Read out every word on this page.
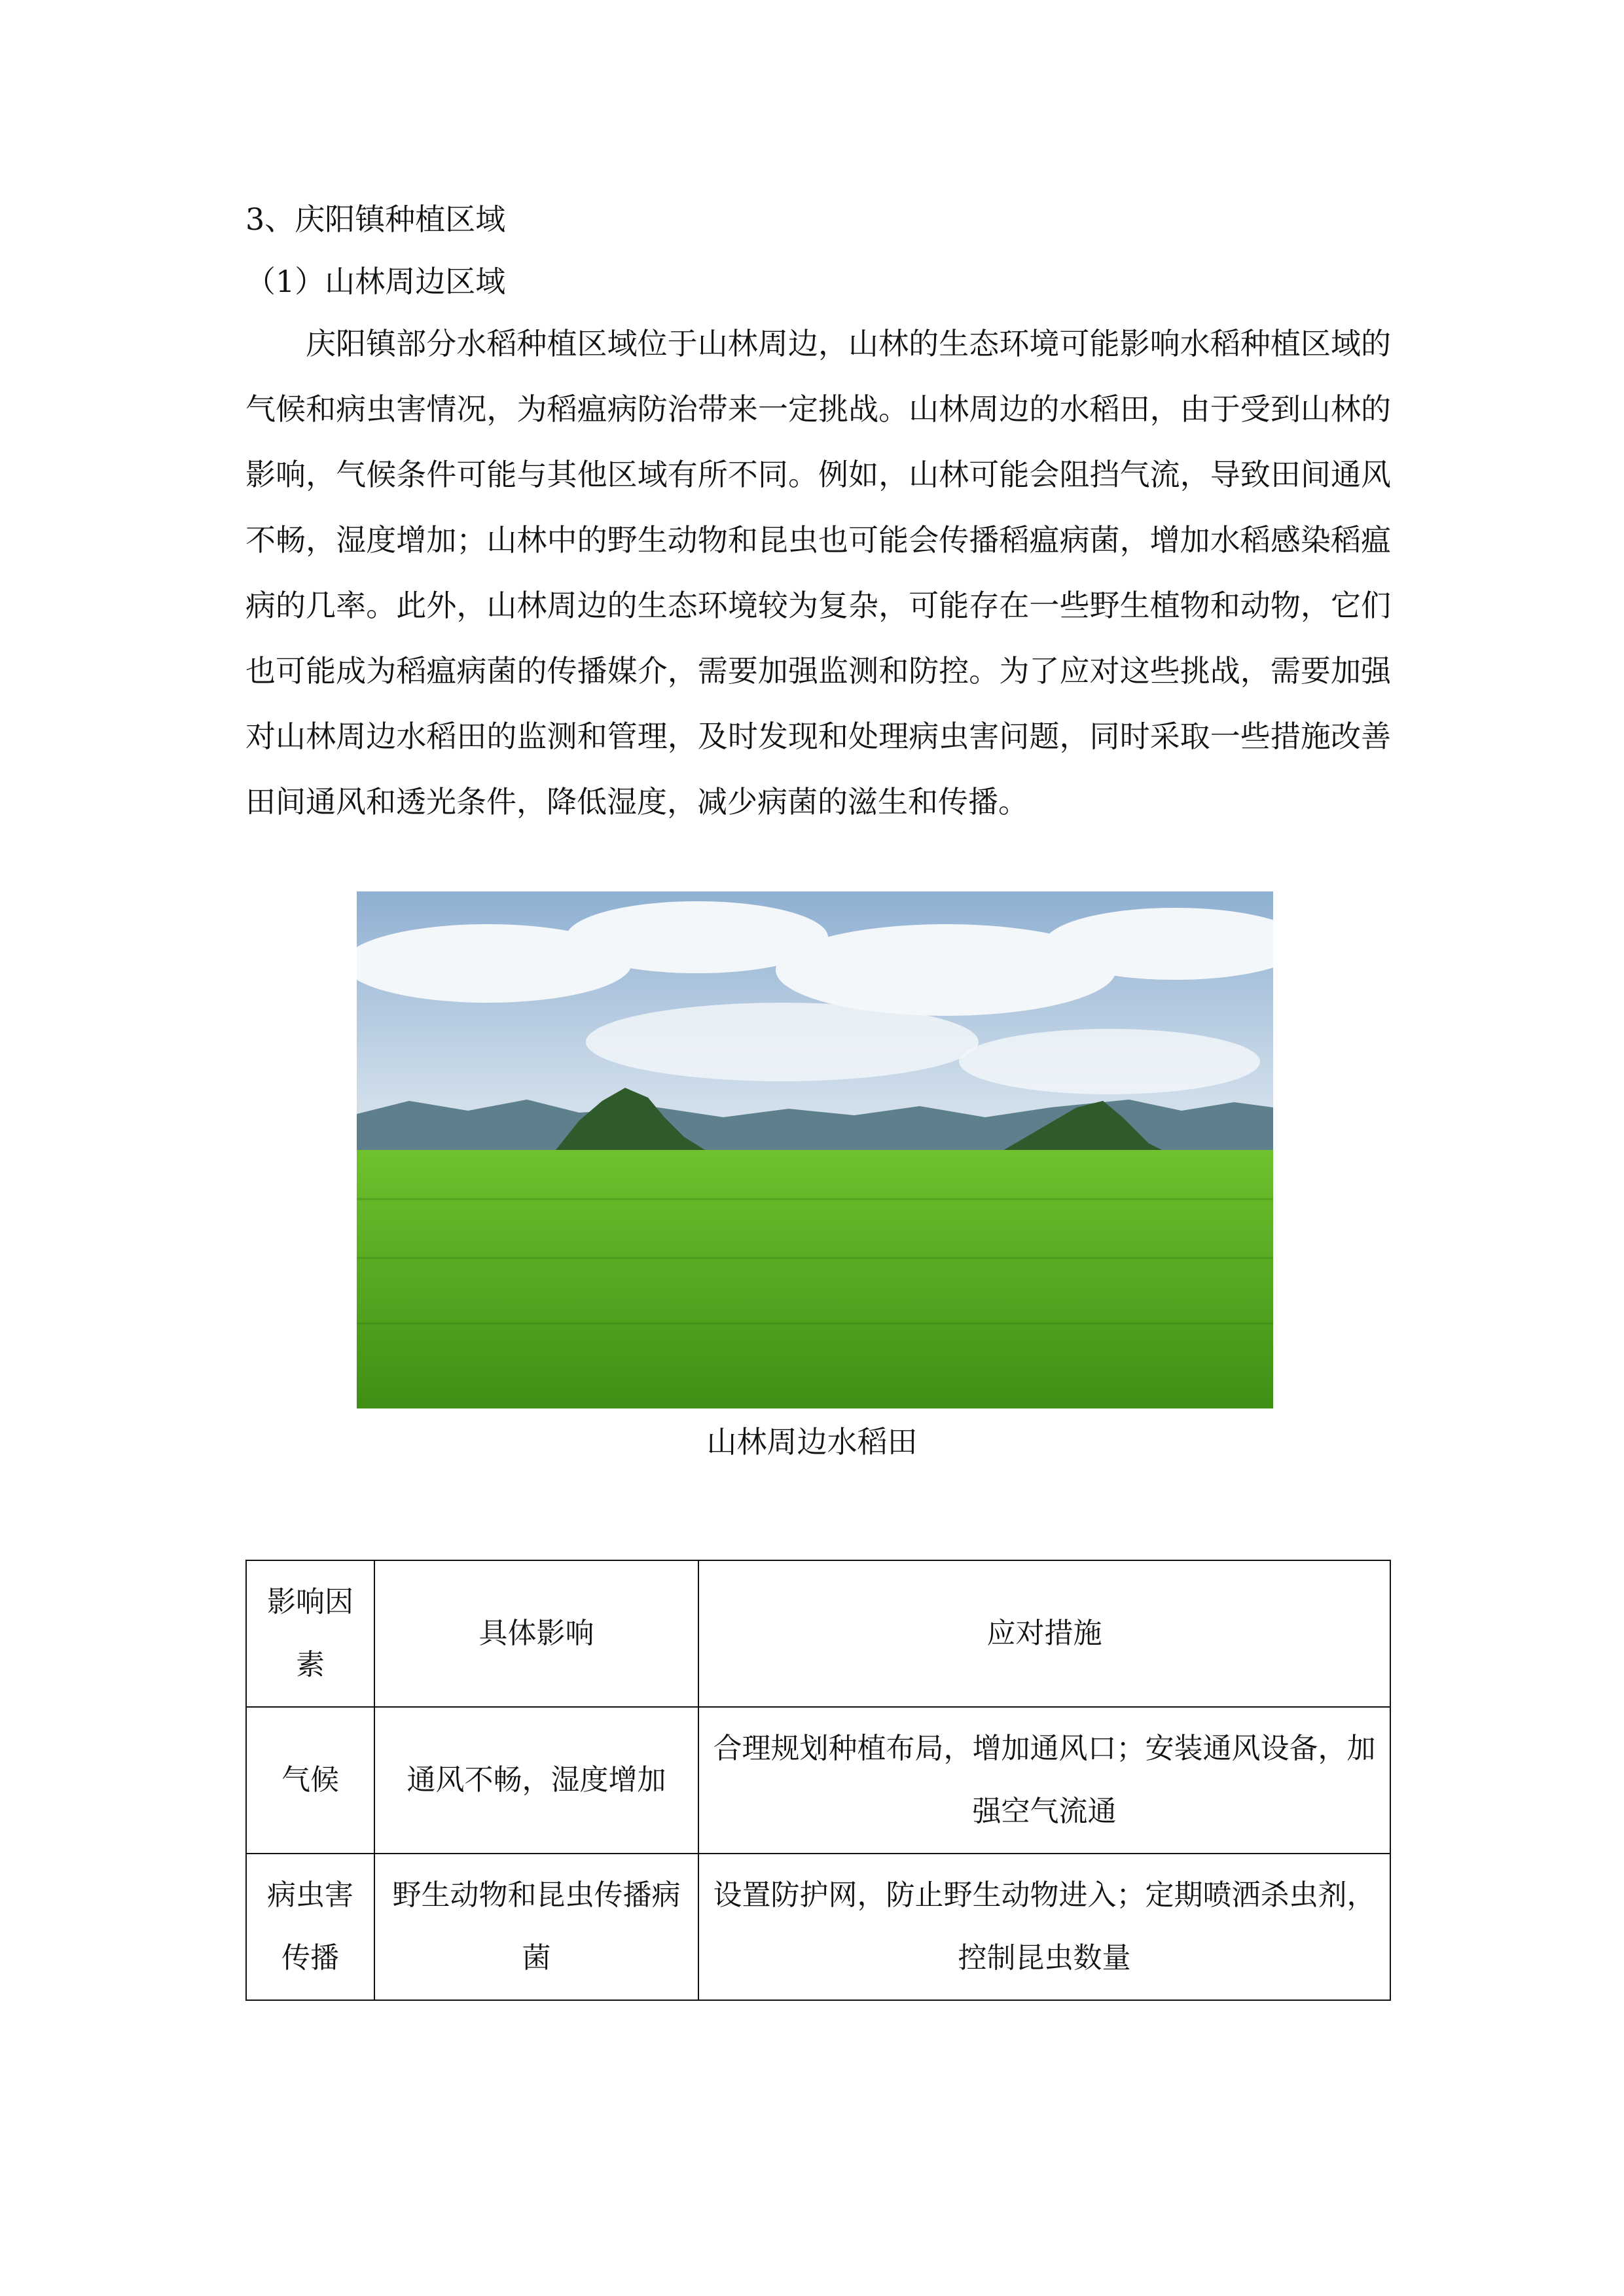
3、庆阳镇种植区域
（1）山林周边区域

庆阳镇部分水稻种植区域位于山林周边，山林的生态环境可能影响水稻种植区域的气候和病虫害情况，为稻瘟病防治带来一定挑战。山林周边的水稻田，由于受到山林的影响，气候条件可能与其他区域有所不同。例如，山林可能会阻挡气流，导致田间通风不畅，湿度增加；山林中的野生动物和昆虫也可能会传播稻瘟病菌，增加水稻感染稻瘟病的几率。此外，山林周边的生态环境较为复杂，可能存在一些野生植物和动物，它们也可能成为稻瘟病菌的传播媒介，需要加强监测和防控。为了应对这些挑战，需要加强对山林周边水稻田的监测和管理，及时发现和处理病虫害问题，同时采取一些措施改善田间通风和透光条件，降低湿度，减少病菌的滋生和传播。

山林周边水稻田
影响因素	具体影响	应对措施
气候	通风不畅，湿度增加	合理规划种植布局，增加通风口；安装通风设备，加强空气流通
病虫害传播	野生动物和昆虫传播病菌	设置防护网，防止野生动物进入；定期喷洒杀虫剂，控制昆虫数量
